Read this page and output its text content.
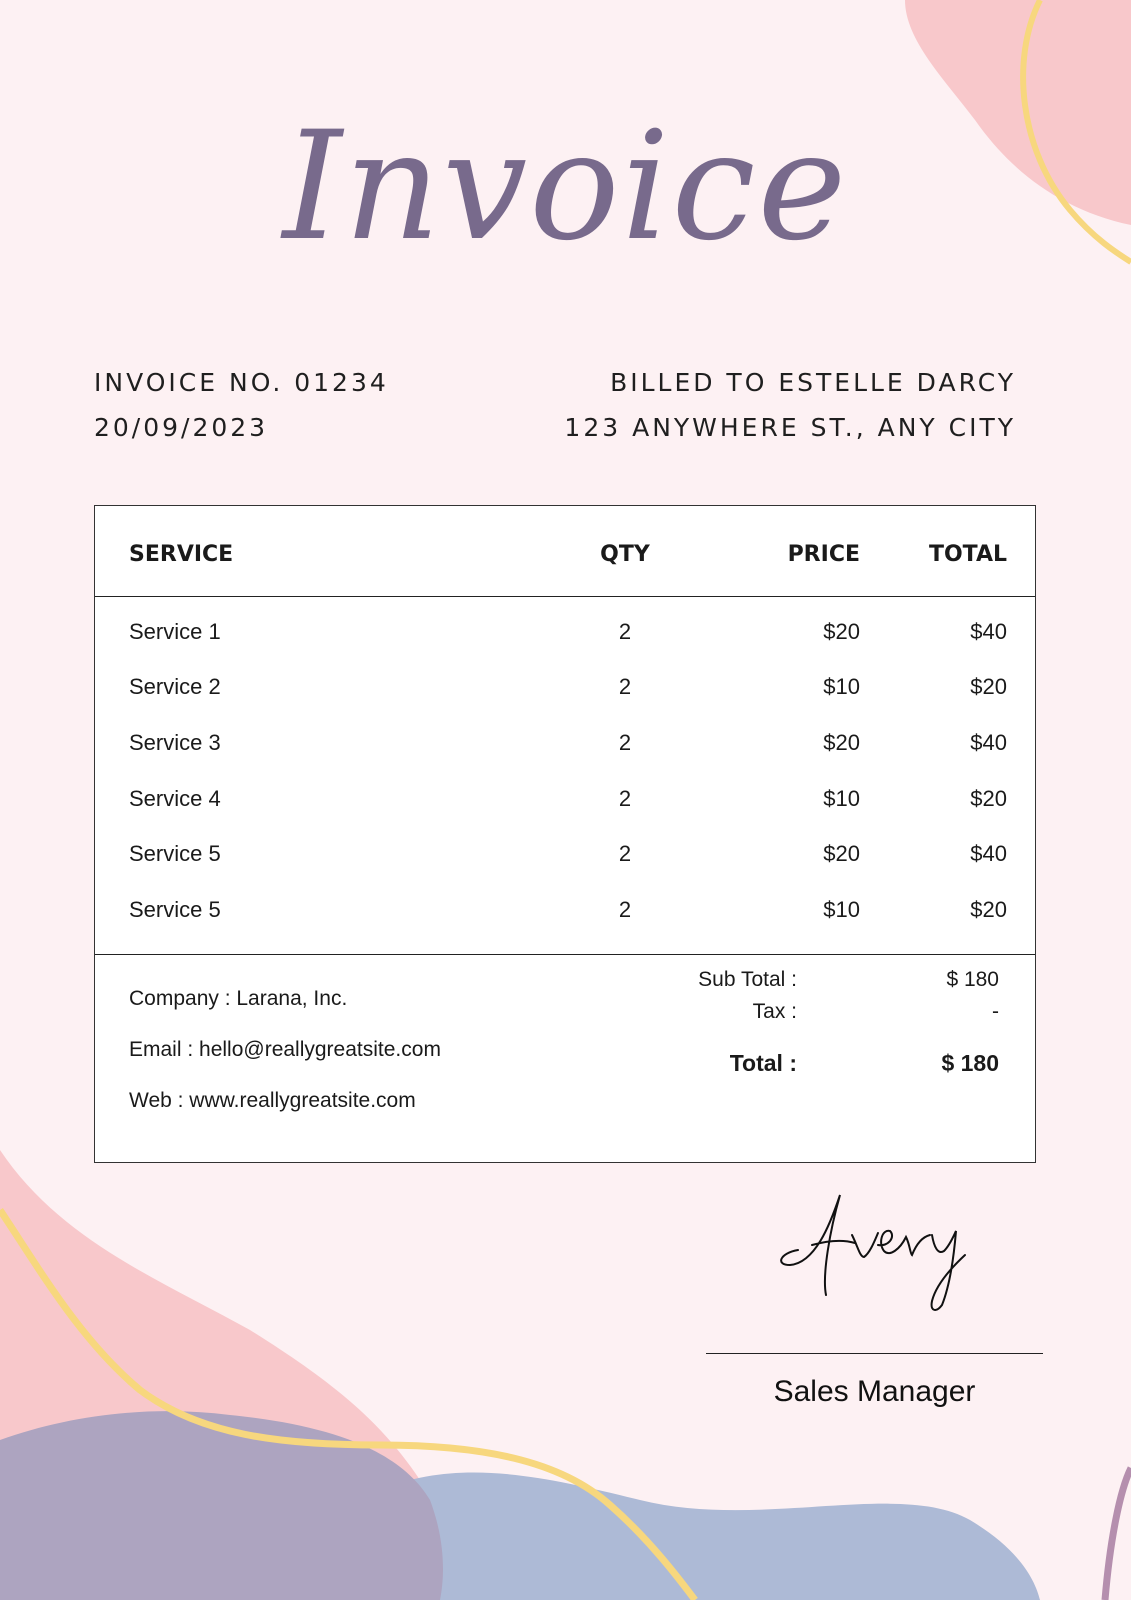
Invoice
INVOICE NO. 01234
20/09/2023
BILLED TO ESTELLE DARCY
123 ANYWHERE ST., ANY CITY
SERVICE	QTY	PRICE	TOTAL
Service 1	2	$20	$40
Service 2	2	$10	$20
Service 3	2	$20	$40
Service 4	2	$10	$20
Service 5	2	$20	$40
Service 5	2	$10	$20
Company : Larana, Inc.
Email : hello@reallygreatsite.com
Web : www.reallygreatsite.com
Sub Total :	$ 180
Tax :	-
Total :	$ 180
Sales Manager
